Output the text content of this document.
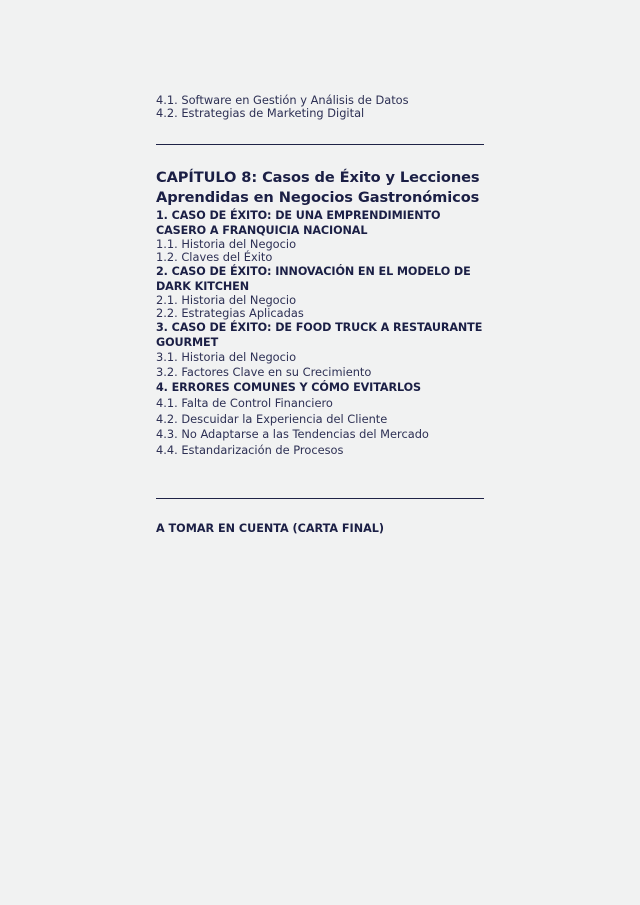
4.1. Software en Gestión y Análisis de Datos
4.2. Estrategias de Marketing Digital
CAPÍTULO 8: Casos de Éxito y Lecciones Aprendidas en Negocios Gastronómicos
1. CASO DE ÉXITO: DE UNA EMPRENDIMIENTO CASERO A FRANQUICIA NACIONAL
1.1. Historia del Negocio
1.2. Claves del Éxito
2. CASO DE ÉXITO: INNOVACIÓN EN EL MODELO DE DARK KITCHEN
2.1. Historia del Negocio
2.2. Estrategias Aplicadas
3. CASO DE ÉXITO: DE FOOD TRUCK A RESTAURANTE GOURMET
3.1. Historia del Negocio
3.2. Factores Clave en su Crecimiento
4. ERRORES COMUNES Y CÓMO EVITARLOS
4.1. Falta de Control Financiero
4.2. Descuidar la Experiencia del Cliente
4.3. No Adaptarse a las Tendencias del Mercado
4.4. Estandarización de Procesos
A TOMAR EN CUENTA (CARTA FINAL)
